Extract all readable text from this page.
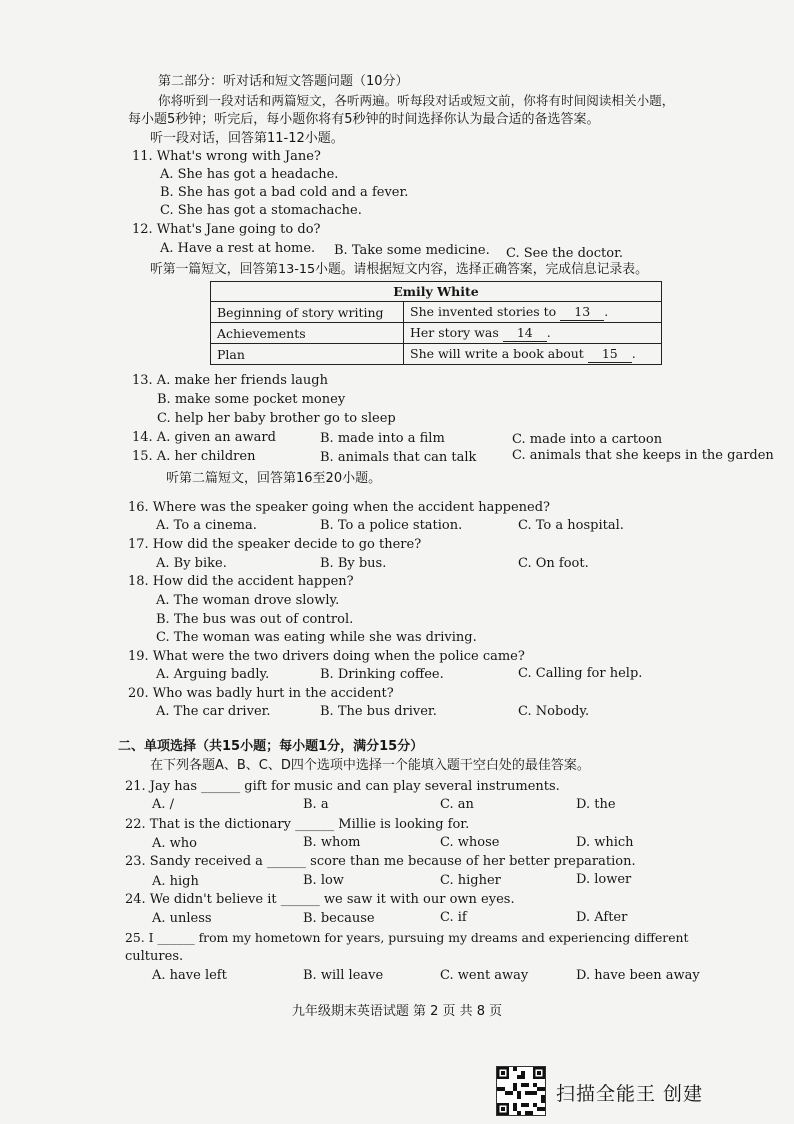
第二部分：听对话和短文答题问题（10分）
你将听到一段对话和两篇短文，各听两遍。听每段对话或短文前，你将有时间阅读相关小题，
每小题5秒钟；听完后，每小题你将有5秒钟的时间选择你认为最合适的备选答案。
听一段对话，回答第11-12小题。
11. What's wrong with Jane?
A. She has got a headache.
B. She has got a bad cold and a fever.
C. She has got a stomachache.
12. What's Jane going to do?
A. Have a rest at home. B. Take some medicine. C. See the doctor.
听第一篇短文，回答第13-15小题。请根据短文内容，选择正确答案，完成信息记录表。
Emily White	
Beginning of story writing	She invented stories to 13 .
Achievements	Her story was 14 .
Plan	She will write a book about 15 .
13. A. make her friends laugh
B. make some pocket money
C. help her baby brother go to sleep
14. A. given an award	B. made into a film	C. made into a cartoon
15. A. her children	B. animals that can talk	C. animals that she keeps in the garden
听第二篇短文，回答第16至20小题。
16. Where was the speaker going when the accident happened?
A. To a cinema.	B. To a police station.	C. To a hospital.
17. How did the speaker decide to go there?
A. By bike.	B. By bus.	C. On foot.
18. How did the accident happen?
A. The woman drove slowly.
B. The bus was out of control.
C. The woman was eating while she was driving.
19. What were the two drivers doing when the police came?
A. Arguing badly.	B. Drinking coffee.	C. Calling for help.
20. Who was badly hurt in the accident?
A. The car driver.	B. The bus driver.	C. Nobody.
二、单项选择（共15小题；每小题1分，满分15分）
在下列各题A、B、C、D四个选项中选择一个能填入题干空白处的最佳答案。
21. Jay has ______ gift for music and can play several instruments.
A. /	B. a	C. an	D. the
22. That is the dictionary ______ Millie is looking for.
A. who	B. whom	C. whose	D. which
23. Sandy received a ______ score than me because of her better preparation.
A. high	B. low	C. higher	D. lower
24. We didn't believe it ______ we saw it with our own eyes.
A. unless	B. because	C. if	D. After
25. I ______ from my hometown for years, pursuing my dreams and experiencing different
cultures.
A. have left	B. will leave	C. went away	D. have been away
九年级期末英语试题 第 2 页 共 8 页
扫描全能王 创建
